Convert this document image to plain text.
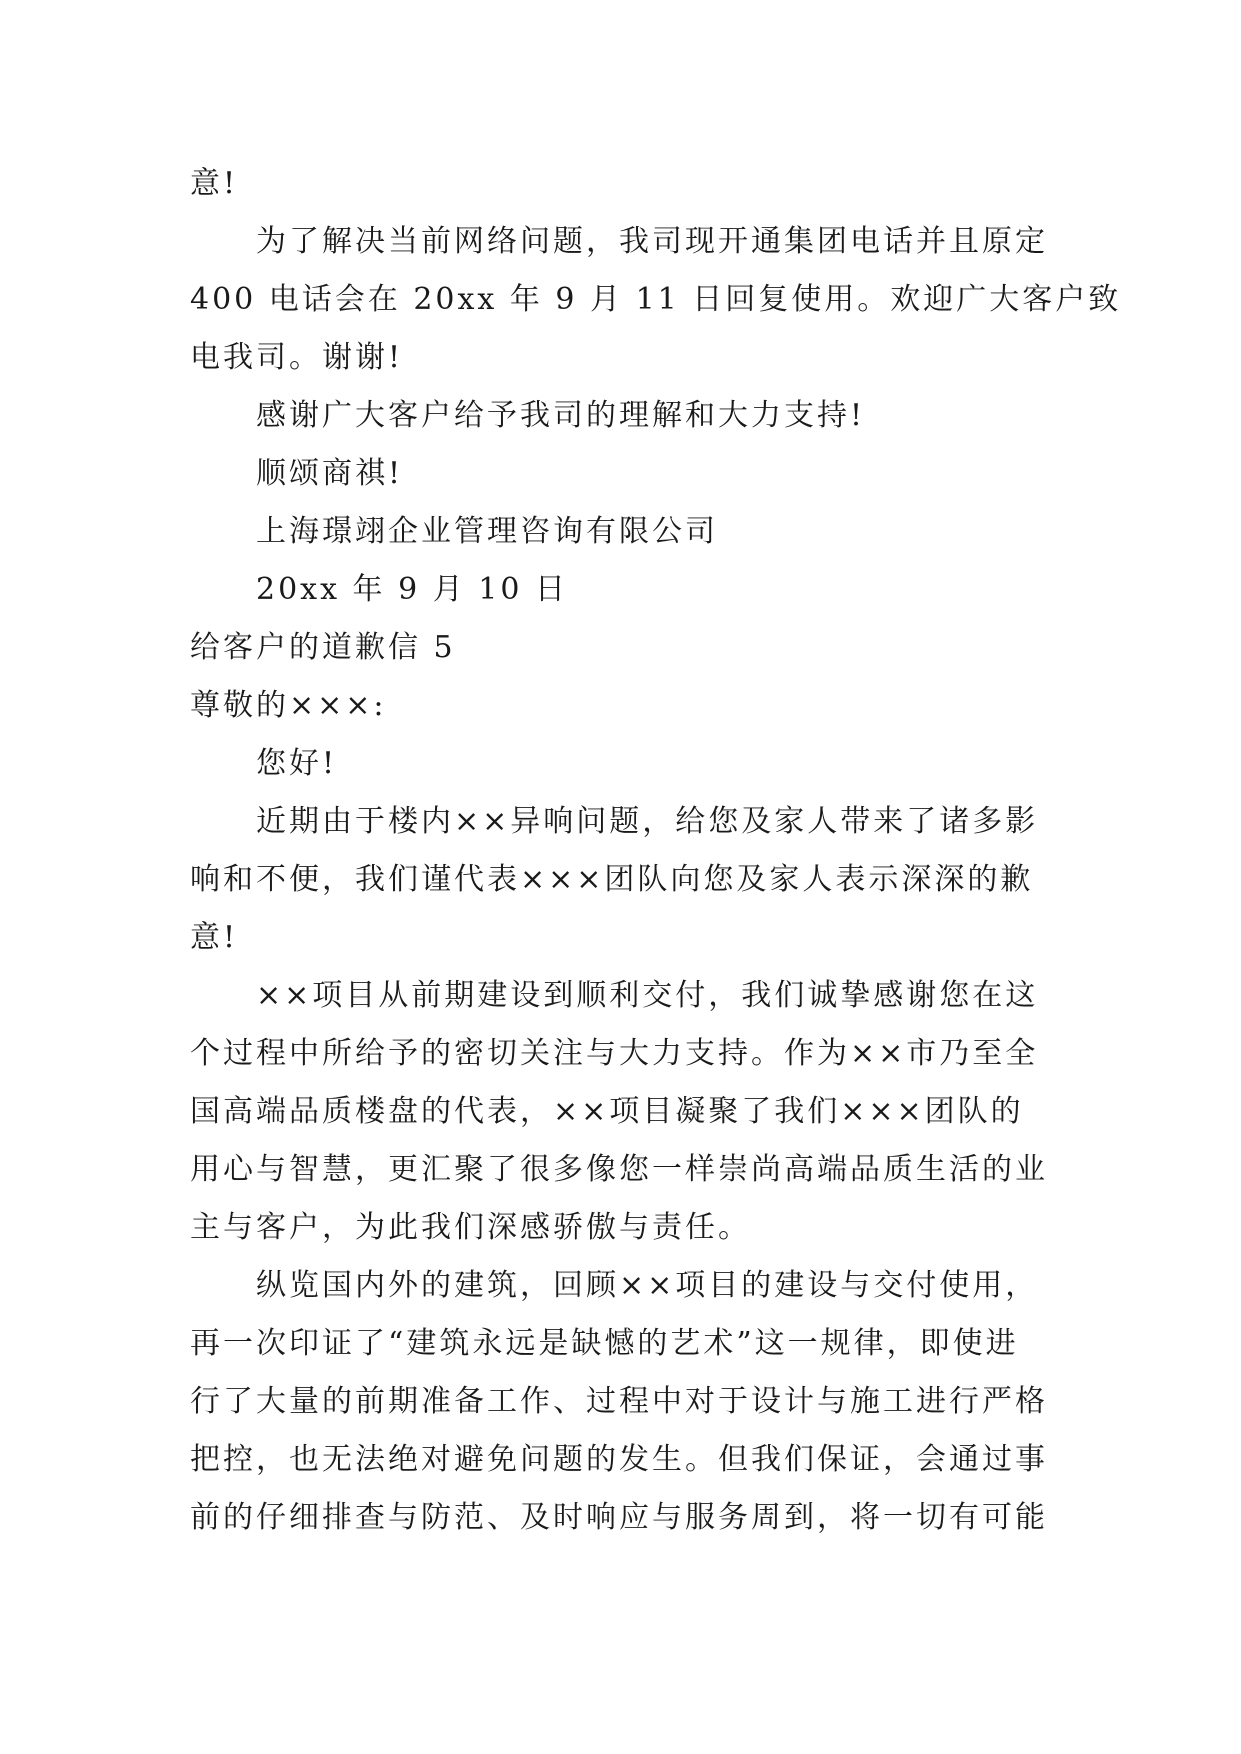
意!
为了解决当前网络问题，我司现开通集团电话并且原定
400 电话会在 20xx 年 9 月 11 日回复使用。欢迎广大客户致
电我司。谢谢!
感谢广大客户给予我司的理解和大力支持!
顺颂商祺!
上海璟翊企业管理咨询有限公司
20xx 年 9 月 10 日
给客户的道歉信 5
尊敬的×××:
您好!
近期由于楼内××异响问题，给您及家人带来了诸多影
响和不便，我们谨代表×××团队向您及家人表示深深的歉
意!
××项目从前期建设到顺利交付，我们诚挚感谢您在这
个过程中所给予的密切关注与大力支持。作为××市乃至全
国高端品质楼盘的代表，××项目凝聚了我们×××团队的
用心与智慧，更汇聚了很多像您一样崇尚高端品质生活的业
主与客户，为此我们深感骄傲与责任。
纵览国内外的建筑，回顾××项目的建设与交付使用，
再一次印证了“建筑永远是缺憾的艺术”这一规律，即使进
行了大量的前期准备工作、过程中对于设计与施工进行严格
把控，也无法绝对避免问题的发生。但我们保证，会通过事
前的仔细排查与防范、及时响应与服务周到，将一切有可能
